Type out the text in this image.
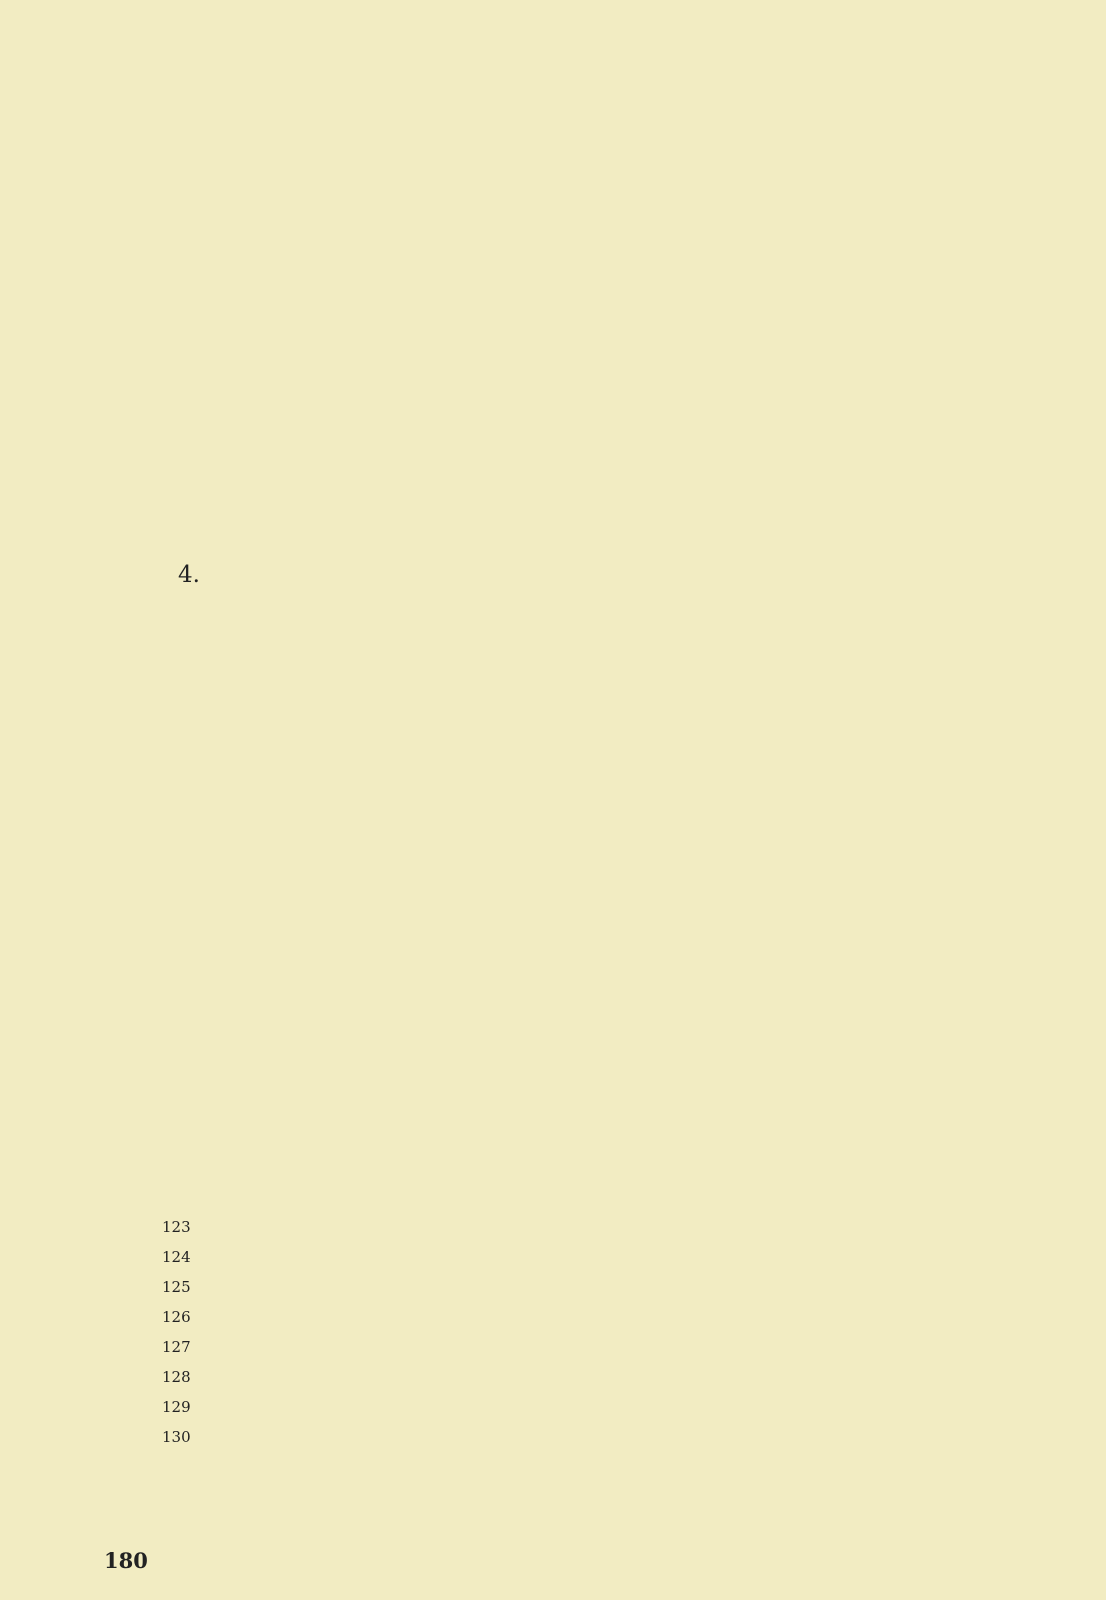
4.
123
124
125
126
127
128
129
130
180
